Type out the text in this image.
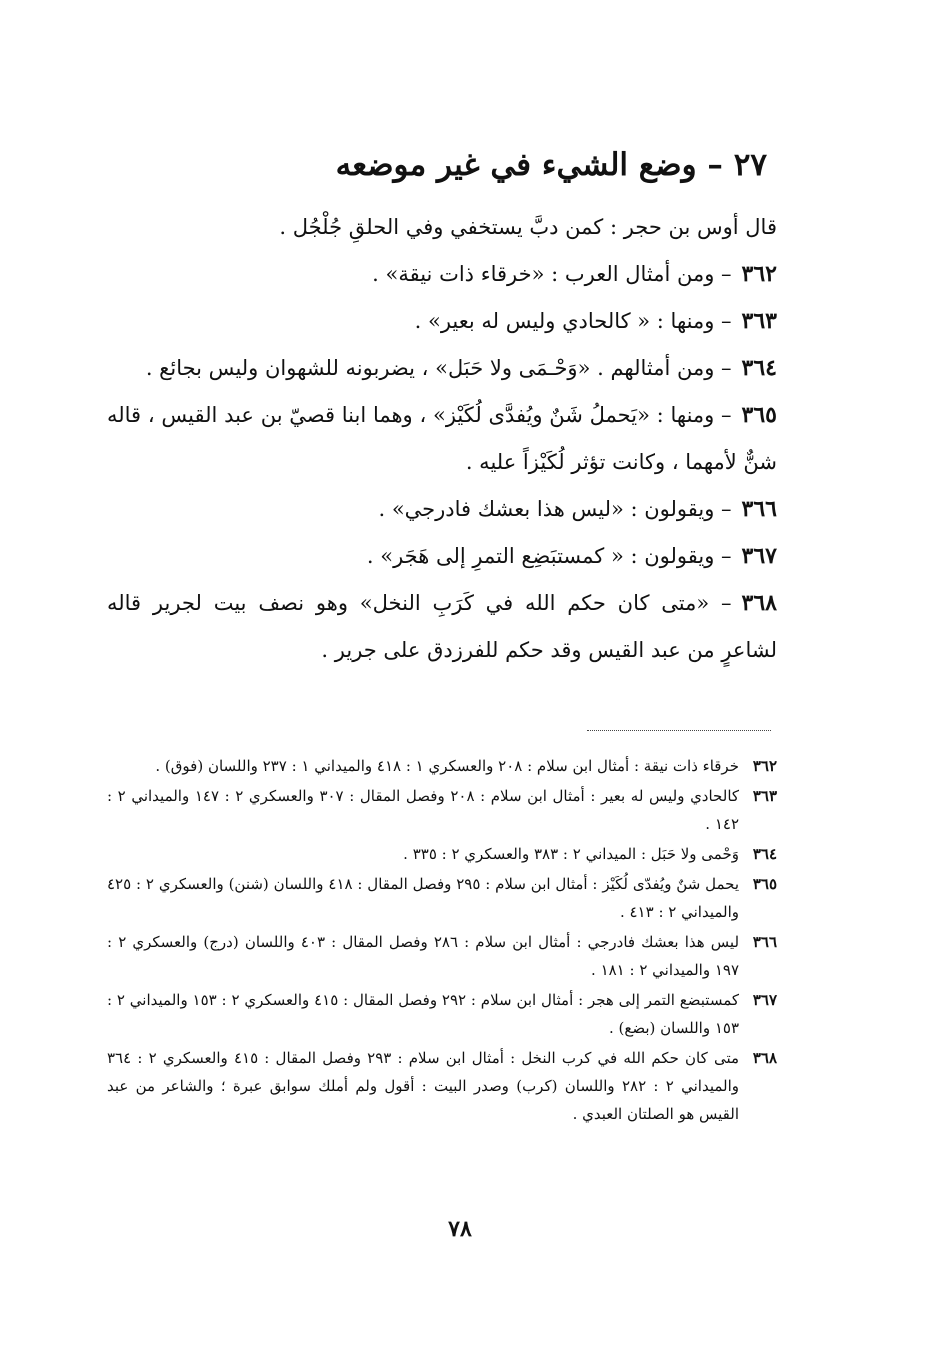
٢٧ – وضع الشيء في غير موضعه

قال أوس بن حجر : كمن دبَّ يستخفي وفي الحلقِ جُلْجُل .

٣٦٢– ومن أمثال العرب : «خرقاء ذات نيقة» .

٣٦٣– ومنها : « كالحادي وليس له بعير» .

٣٦٤– ومن أمثالهم . «وَحْـمَى ولا حَبَل» ، يضربونه للشهوان وليس بجائع .

٣٦٥– ومنها : «يَحملُ شَنٌ ويُفدَّى لُكَيْز» ، وهما ابنا قصيّ بن عبد القيس ، قاله شنٌّ لأمهما ، وكانت تؤثر لُكَيْزاً عليه .

٣٦٦– ويقولون : «ليس هذا بعشك فادرجي» .

٣٦٧– ويقولون : « كمستبَضِع التمرِ إلى هَجَر» .

٣٦٨– «متى كان حكم الله في كَرَبِ النخل» وهو نصف بيت لجرير قاله لشاعرٍ من عبد القيس وقد حكم للفرزدق على جرير .

٣٦٢
خرقاء ذات نيقة : أمثال ابن سلام : ٢٠٨ والعسكري ١ : ٤١٨ والميداني ١ : ٢٣٧ واللسان (فوق) .
٣٦٣
كالحادي وليس له بعير : أمثال ابن سلام : ٢٠٨ وفصل المقال : ٣٠٧ والعسكري ٢ : ١٤٧ والميداني ٢ : ١٤٢ .
٣٦٤
وَحْمى ولا حَبَل : الميداني ٢ : ٣٨٣ والعسكري ٢ : ٣٣٥ .
٣٦٥
يحمل شنٌ ويُفدّى لُكَيْز : أمثال ابن سلام : ٢٩٥ وفصل المقال : ٤١٨ واللسان (شنن) والعسكري ٢ : ٤٢٥ والميداني ٢ : ٤١٣ .
٣٦٦
ليس هذا بعشك فادرجي : أمثال ابن سلام : ٢٨٦ وفصل المقال : ٤٠٣ واللسان (درج) والعسكري ٢ : ١٩٧ والميداني ٢ : ١٨١ .
٣٦٧
كمستبضع التمر إلى هجر : أمثال ابن سلام : ٢٩٢ وفصل المقال : ٤١٥ والعسكري ٢ : ١٥٣ والميداني ٢ : ١٥٣ واللسان (بضع) .
٣٦٨
متى كان حكم الله في كرب النخل : أمثال ابن سلام : ٢٩٣ وفصل المقال : ٤١٥ والعسكري ٢ : ٣٦٤ والميداني ٢ : ٢٨٢ واللسان (كرب) وصدر البيت : أقول ولم أملك سوابق عبرة ؛ والشاعر من عبد القيس هو الصلتان العبدي .
٧٨
